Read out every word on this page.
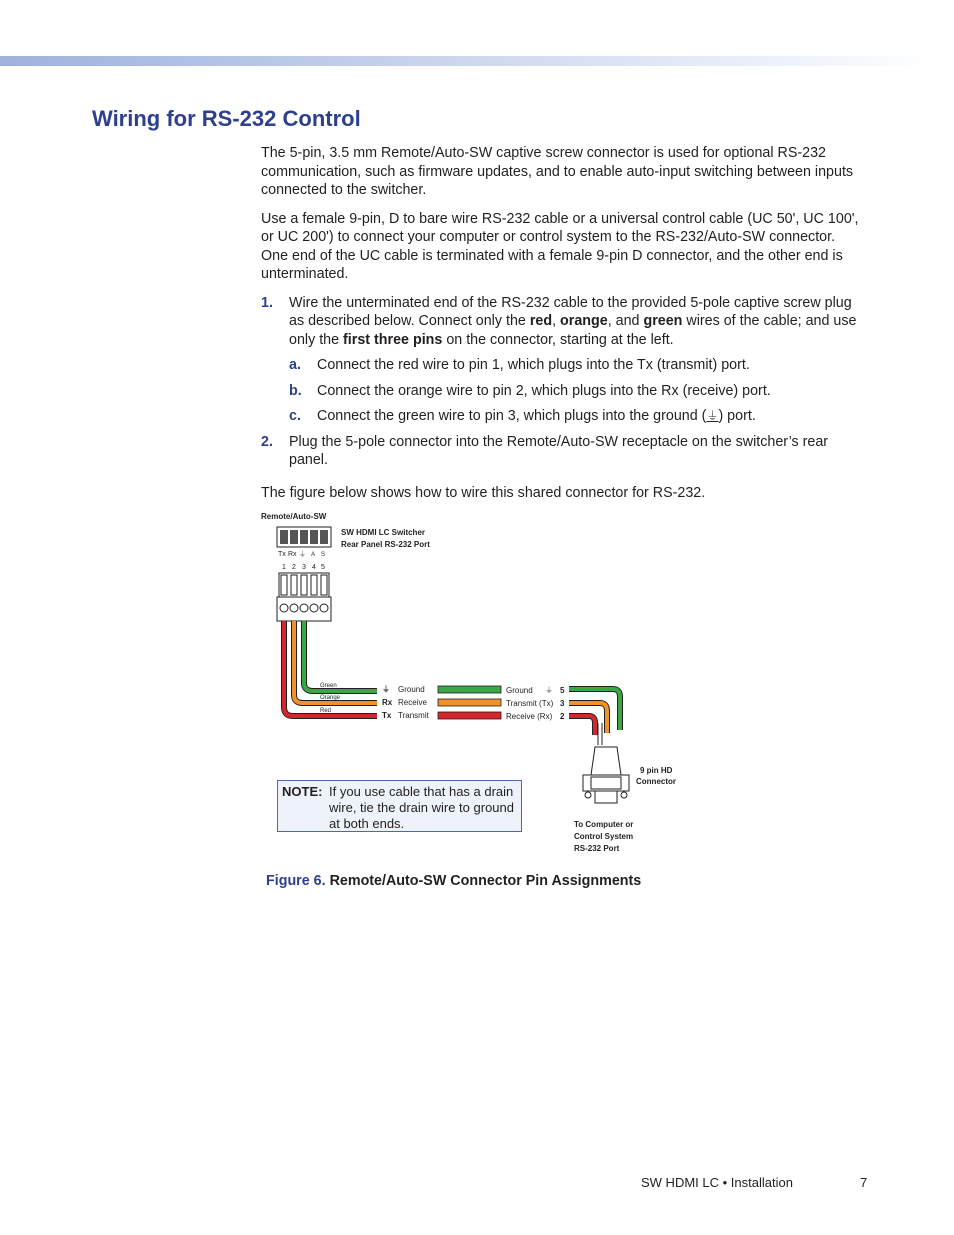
Wiring for RS-232 Control

The 5-pin, 3.5 mm Remote/Auto-SW captive screw connector is used for optional RS-232 communication, such as firmware updates, and to enable auto-input switching between inputs connected to the switcher.

Use a female 9-pin, D to bare wire RS-232 cable or a universal control cable (UC 50', UC 100', or UC 200') to connect your computer or control system to the RS-232/Auto-SW connector. One end of the UC cable is terminated with a female 9-pin D connector, and the other end is unterminated.

1. Wire the unterminated end of the RS-232 cable to the provided 5-pole captive screw plug as described below. Connect only the red, orange, and green wires of the cable; and use only the first three pins on the connector, starting at the left.
a. Connect the red wire to pin 1, which plugs into the Tx (transmit) port.
b. Connect the orange wire to pin 2, which plugs into the Rx (receive) port.
c. Connect the green wire to pin 3, which plugs into the ground (⏚) port.
2. Plug the 5-pole connector into the Remote/Auto-SW receptacle on the switcher’s rear panel.

The figure below shows how to wire this shared connector for RS-232.

Remote/Auto-SW
SW HDMI LC Switcher
Rear Panel RS-232 Port
Tx Rx ⏚ A S
1 2 3 4 5
Green
Orange
Red
⏚
Rx
Tx
Ground
Receive
Transmit
Ground
Transmit (Tx)
Receive (Rx)
⏚ 5
3
2
9 pin HD
Connector
To Computer or
Control System
RS-232 Port
NOTE: If you use cable that has a drain wire, tie the drain wire to ground at both ends.
Figure 6. Remote/Auto-SW Connector Pin Assignments
SW HDMI LC • Installation	7
